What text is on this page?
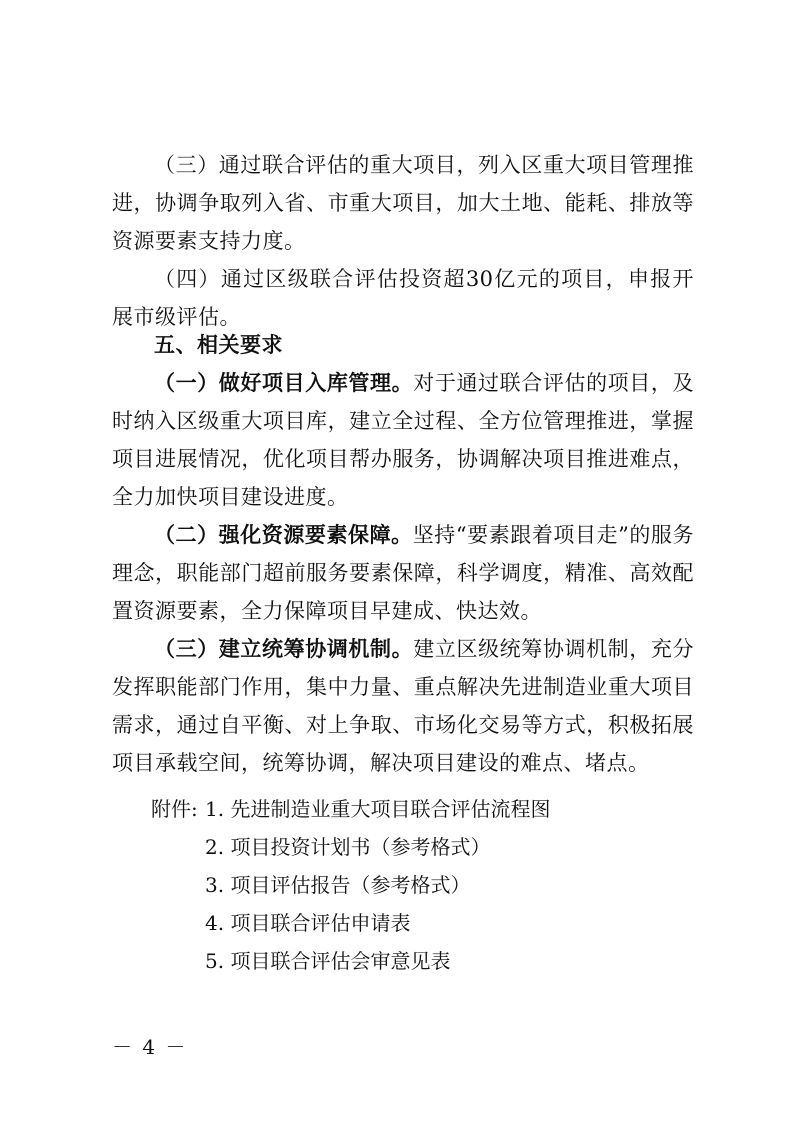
（三）通过联合评估的重大项目，列入区重大项目管理推进，协调争取列入省、市重大项目，加大土地、能耗、排放等资源要素支持力度。

（四）通过区级联合评估投资超30亿元的项目，申报开展市级评估。

五、相关要求

（一）做好项目入库管理。对于通过联合评估的项目，及时纳入区级重大项目库，建立全过程、全方位管理推进，掌握项目进展情况，优化项目帮办服务，协调解决项目推进难点，全力加快项目建设进度。

（二）强化资源要素保障。坚持“要素跟着项目走”的服务理念，职能部门超前服务要素保障，科学调度，精准、高效配置资源要素，全力保障项目早建成、快达效。

（三）建立统筹协调机制。建立区级统筹协调机制，充分发挥职能部门作用，集中力量、重点解决先进制造业重大项目需求，通过自平衡、对上争取、市场化交易等方式，积极拓展项目承载空间，统筹协调，解决项目建设的难点、堵点。

附件: 1. 先进制造业重大项目联合评估流程图
2. 项目投资计划书（参考格式）
3. 项目评估报告（参考格式）
4. 项目联合评估申请表
5. 项目联合评估会审意见表
－ 4 －
